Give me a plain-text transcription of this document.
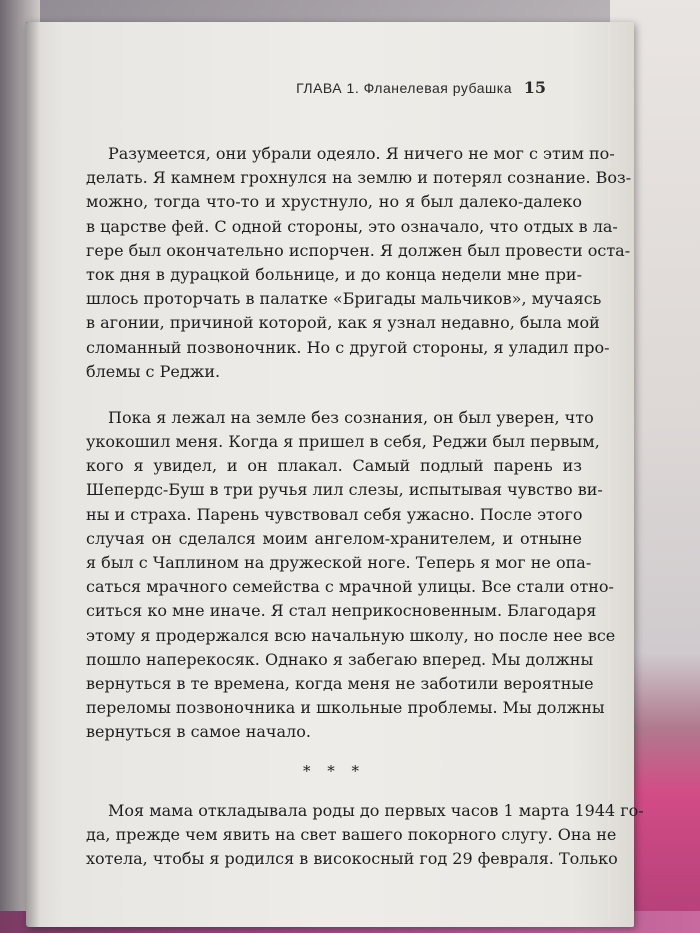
ГЛАВА 1. Фланелевая рубашка 15
Разумеется, они убрали одеяло. Я ничего не мог с этим по-
делать. Я камнем грохнулся на землю и потерял сознание. Воз-
можно, тогда что-то и хрустнуло, но я был далеко-далеко
в царстве фей. С одной стороны, это означало, что отдых в ла-
гере был окончательно испорчен. Я должен был провести остa-
ток дня в дурацкой больнице, и до конца недели мне при-
шлось проторчать в палатке «Бригады мальчиков», мучаясь
в агонии, причиной которой, как я узнал недавно, была мой
сломанный позвоночник. Но с другой стороны, я уладил про-
блемы с Реджи.
Пока я лежал на земле без сознания, он был уверен, что
укокошил меня. Когда я пришел в себя, Реджи был первым,
кого я увидел, и он плакал. Самый подлый парень из
Шепердс-Буш в три ручья лил слезы, испытывая чувство ви-
ны и страха. Парень чувствовал себя ужасно. После этого
случая он сделался моим ангелом-хранителем, и отныне
я был с Чаплином на дружеской ноге. Теперь я мог не опа-
саться мрачного семейства с мрачной улицы. Все стали отно-
ситься ко мне иначе. Я стал неприкосновенным. Благодаря
этому я продержался всю начальную школу, но после нее все
пошло наперекосяк. Однако я забегаю вперед. Мы должны
вернуться в те времена, когда меня не заботили вероятные
переломы позвоночника и школьные проблемы. Мы должны
вернуться в самое начало.
* * *
Моя мама откладывала роды до первых часов 1 марта 1944 го-
да, прежде чем явить на свет вашего покорного слугу. Она не
хотела, чтобы я родился в високосный год 29 февраля. Только
